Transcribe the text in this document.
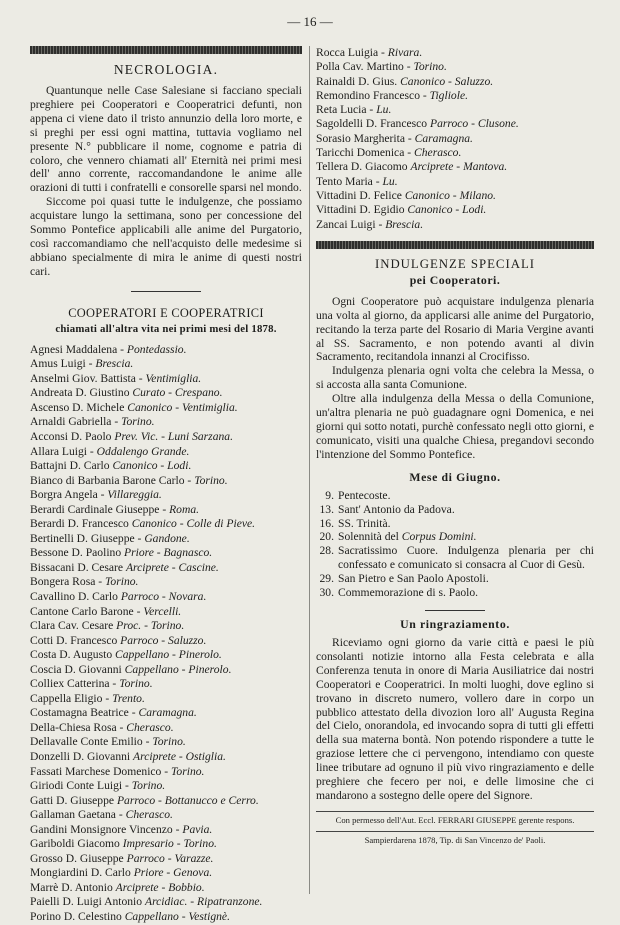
— 16 —
NECROLOGIA.

Quantunque nelle Case Salesiane si facciano speciali preghiere pei Cooperatori e Cooperatrici defunti, non appena ci viene dato il tristo annunzio della loro morte, e si preghi per essi ogni mattina, tuttavia vogliamo nel presente N.° pubblicare il nome, cognome e patria di coloro, che vennero chiamati all' Eternità nei primi mesi dell' anno corrente, raccomandandone le anime alle orazioni di tutti i confratelli e consorelle sparsi nel mondo.

Siccome poi quasi tutte le indulgenze, che possiamo acquistare lungo la settimana, sono per concessione del Sommo Pontefice applicabili alle anime del Purgatorio, così raccomandiamo che nell'acquisto delle medesime si abbiano specialmente di mira le anime di questi nostri cari.

COOPERATORI E COOPERATRICI
chiamati all'altra vita nei primi mesi del 1878.
Agnesi Maddalena - Pontedassio.
Amus Luigi - Brescia.
Anselmi Giov. Battista - Ventimiglia.
Andreata D. Giustino Curato - Crespano.
Ascenso D. Michele Canonico - Ventimiglia.
Arnaldi Gabriella - Torino.
Acconsi D. Paolo Prev. Vic. - Luni Sarzana.
Allara Luigi - Oddalengo Grande.
Battajni D. Carlo Canonico - Lodi.
Bianco di Barbania Barone Carlo - Torino.
Borgra Angela - Villareggia.
Berardi Cardinale Giuseppe - Roma.
Berardi D. Francesco Canonico - Colle di Pieve.
Bertinelli D. Giuseppe - Gandone.
Bessone D. Paolino Priore - Bagnasco.
Bissacani D. Cesare Arciprete - Cascine.
Bongera Rosa - Torino.
Cavallino D. Carlo Parroco - Novara.
Cantone Carlo Barone - Vercelli.
Clara Cav. Cesare Proc. - Torino.
Cotti D. Francesco Parroco - Saluzzo.
Costa D. Augusto Cappellano - Pinerolo.
Coscia D. Giovanni Cappellano - Pinerolo.
Colliex Catterina - Torino.
Cappella Eligio - Trento.
Costamagna Beatrice - Caramagna.
Della-Chiesa Rosa - Cherasco.
Dellavalle Conte Emilio - Torino.
Donzelli D. Giovanni Arciprete - Ostiglia.
Fassati Marchese Domenico - Torino.
Giriodi Conte Luigi - Torino.
Gatti D. Giuseppe Parroco - Bottanucco e Cerro.
Gallaman Gaetana - Cherasco.
Gandini Monsignore Vincenzo - Pavia.
Gariboldi Giacomo Impresario - Torino.
Grosso D. Giuseppe Parroco - Varazze.
Mongiardini D. Carlo Priore - Genova.
Marrè D. Antonio Arciprete - Bobbio.
Paielli D. Luigi Antonio Arcidiac. - Ripatranzone.
Porino D. Celestino Cappellano - Vestignè.
Rocca Luigia - Rivara.
Polla Cav. Martino - Torino.
Rainaldi D. Gius. Canonico - Saluzzo.
Remondino Francesco - Tigliole.
Reta Lucia - Lu.
Sagoldelli D. Francesco Parroco - Clusone.
Sorasio Margherita - Caramagna.
Taricchi Domenica - Cherasco.
Tellera D. Giacomo Arciprete - Mantova.
Tento Maria - Lu.
Vittadini D. Felice Canonico - Milano.
Vittadini D. Egidio Canonico - Lodi.
Zancai Luigi - Brescia.
INDULGENZE SPECIALI
pei Cooperatori.

Ogni Cooperatore può acquistare indulgenza plenaria una volta al giorno, da applicarsi alle anime del Purgatorio, recitando la terza parte del Rosario di Maria Vergine avanti al SS. Sacramento, e non potendo avanti al divin Sacramento, recitandola innanzi al Crocifisso.

Indulgenza plenaria ogni volta che celebra la Messa, o si accosta alla santa Comunione.

Oltre alla indulgenza della Messa o della Comunione, un'altra plenaria ne può guadagnare ogni Domenica, e nei giorni qui sotto notati, purchè confessato negli otto giorni, e comunicato, visiti una qualche Chiesa, pregandovi secondo l'intenzione del Sommo Pontefice.

Mese di Giugno.
9. Pentecoste.
13. Sant' Antonio da Padova.
16. SS. Trinità.
20. Solennità del Corpus Domini.
28. Sacratissimo Cuore. Indulgenza plenaria per chi confessato e comunicato si consacra al Cuor di Gesù.
29. San Pietro e San Paolo Apostoli.
30. Commemorazione di s. Paolo.
Un ringraziamento.

Riceviamo ogni giorno da varie città e paesi le più consolanti notizie intorno alla Festa celebrata e alla Conferenza tenuta in onore di Maria Ausiliatrice dai nostri Cooperatori e Cooperatrici. In molti luoghi, dove eglino si trovano in discreto numero, vollero dare in corpo un pubblico attestato della divozion loro all' Augusta Regina del Cielo, onorandola, ed invocando sopra di tutti gli effetti della sua materna bontà. Non potendo rispondere a tutte le graziose lettere che ci pervengono, intendiamo con queste linee tributare ad ognuno il più vivo ringraziamento e delle preghiere che fecero per noi, e delle limosine che ci mandarono a sostegno delle opere del Signore.

Con permesso dell'Aut. Eccl. FERRARI GIUSEPPE gerente respons.

Sampierdarena 1878, Tip. di San Vincenzo de' Paoli.
